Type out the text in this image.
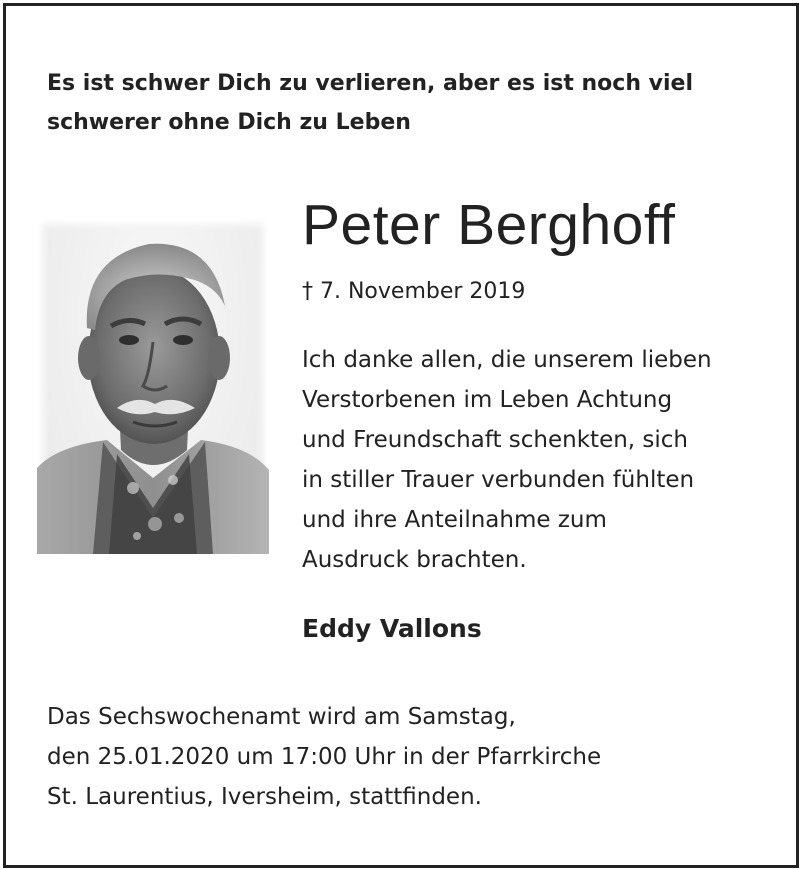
Es ist schwer Dich zu verlieren, aber es ist noch viel
schwerer ohne Dich zu Leben
Peter Berghoff
† 7. November 2019
Ich danke allen, die unserem lieben
Verstorbenen im Leben Achtung
und Freundschaft schenkten, sich
in stiller Trauer verbunden fühlten
und ihre Anteilnahme zum
Ausdruck brachten.
Eddy Vallons
Das Sechswochenamt wird am Samstag,
den 25.01.2020 um 17:00 Uhr in der Pfarrkirche
St. Laurentius, Iversheim, stattfinden.
